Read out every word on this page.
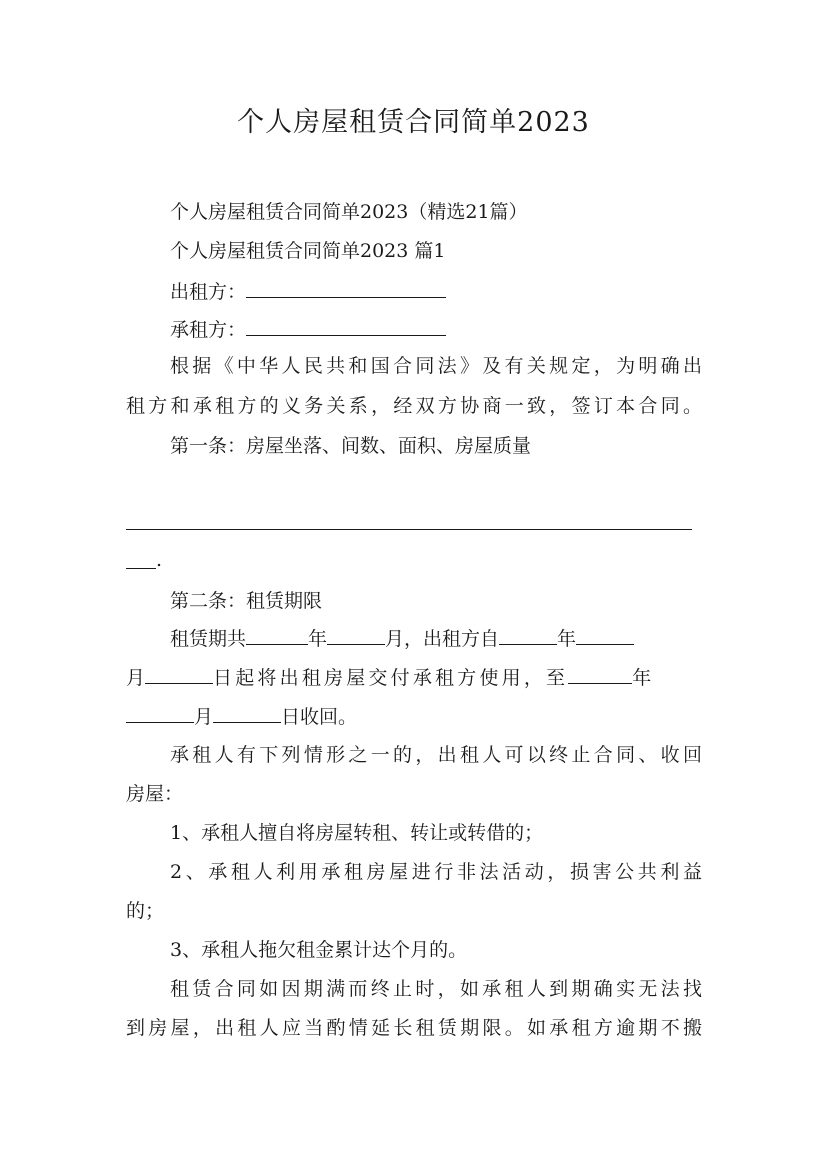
个人房屋租赁合同简单2023

个人房屋租赁合同简单2023（精选21篇）

个人房屋租赁合同简单2023 篇1

出租方：

承租方：

根据《中华人民共和国合同法》及有关规定，为明确出

租方和承租方的义务关系，经双方协商一致，签订本合同。

第一条：房屋坐落、间数、面积、房屋质量

.

第二条：租赁期限

租赁期共	年	月，出租方自	年

月	日起将出租房屋交付承租方使用，至	年

月	日收回。

承租人有下列情形之一的，出租人可以终止合同、收回

房屋：

1、承租人擅自将房屋转租、转让或转借的；

2、承租人利用承租房屋进行非法活动，损害公共利益

的；

3、承租人拖欠租金累计达个月的。

租赁合同如因期满而终止时，如承租人到期确实无法找

到房屋，出租人应当酌情延长租赁期限。如承租方逾期不搬
